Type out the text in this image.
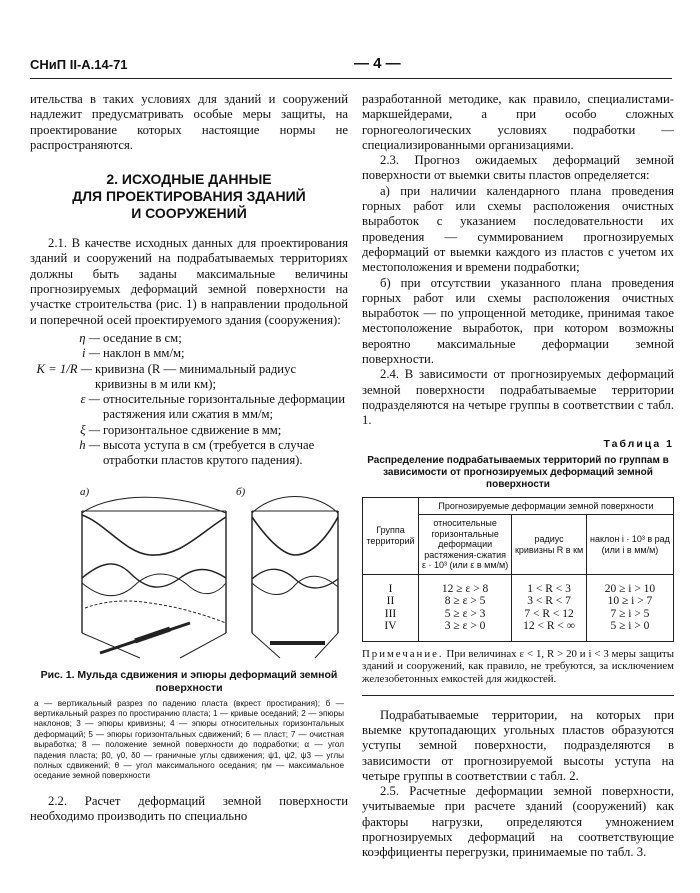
СНиП II-А.14-71	— 4 —

ительства в таких условиях для зданий и сооружений надлежит предусматривать особые меры защиты, на проектирование которых настоящие нормы не распространяются.

2. ИСХОДНЫЕ ДАННЫЕ
ДЛЯ ПРОЕКТИРОВАНИЯ ЗДАНИЙ
И СООРУЖЕНИЙ

2.1. В качестве исходных данных для проектирования зданий и сооружений на подрабатываемых территориях должны быть заданы максимальные величины прогнозируемых деформаций земной поверхности на участке строительства (рис. 1) в направлении продольной и поперечной осей проектируемого здания (сооружения):

η — оседание в см;
i — наклон в мм/м;
K = 1/R — кривизна (R — минимальный радиус кривизны в м или км);
ε — относительные горизонтальные деформации растяжения или сжатия в мм/м;
ξ — горизонтальное сдвижение в мм;
h — высота уступа в см (требуется в случае отработки пластов крутого падения).
а)	б)
Рис. 1. Мульда сдвижения и эпюры деформаций земной поверхности
а — вертикальный разрез по падению пласта (вкрест простирания); б — вертикальный разрез по простиранию пласта; 1 — кривые оседаний; 2 — эпюры наклонов; 3 — эпюры кривизны; 4 — эпюры относительных горизонтальных деформаций; 5 — эпюры горизонтальных сдвижений; 6 — пласт; 7 — очистная выработка; 8 — положение земной поверхности до подработки; α — угол падения пласта; β0, γ0, δ0 — граничные углы сдвижения; ψ1, ψ2, ψ3 — углы полных сдвижений; θ — угол максимального оседания; ηм — максимальное оседание земной поверхности

2.2. Расчет деформаций земной поверхности необходимо производить по специально

разработанной методике, как правило, специалистами-маркшейдерами, а при особо сложных горногеологических условиях подработки — специализированными организациями.

2.3. Прогноз ожидаемых деформаций земной поверхности от выемки свиты пластов определяется:

а) при наличии календарного плана проведения горных работ или схемы расположения очистных выработок с указанием последовательности их проведения — суммированием прогнозируемых деформаций от выемки каждого из пластов с учетом их местоположения и времени подработки;

б) при отсутствии указанного плана проведения горных работ или схемы расположения очистных выработок — по упрощенной методике, принимая такое местоположение выработок, при котором возможны вероятно максимальные деформации земной поверхности.

2.4. В зависимости от прогнозируемых деформаций земной поверхности подрабатываемые территории подразделяются на четыре группы в соответствии с табл. 1.

Таблица 1
Распределение подрабатываемых территорий по группам в зависимости от прогнозируемых деформаций земной поверхности
Группа территорий	Прогнозируемые деформации земной поверхности		
	относительные горизонтальные деформации растяжения-сжатия ε · 10³ (или ε в мм/м)	радиус кривизны R в км	наклон i · 10³ в рад (или i в мм/м)
I	12 ≥ ε > 8	1 < R < 3	20 ≥ i > 10
II	8 ≥ ε > 5	3 < R < 7	10 ≥ i > 7
III	5 ≥ ε > 3	7 < R < 12	7 ≥ i > 5
IV	3 ≥ ε > 0	12 < R < ∞	5 ≥ i > 0
Примечание. При величинах ε < 1, R > 20 и i < 3 меры защиты зданий и сооружений, как правило, не требуются, за исключением железобетонных емкостей для жидкостей.

Подрабатываемые территории, на которых при выемке крутопадающих угольных пластов образуются уступы земной поверхности, подразделяются в зависимости от прогнозируемой высоты уступа на четыре группы в соответствии с табл. 2.

2.5. Расчетные деформации земной поверхности, учитываемые при расчете зданий (сооружений) как факторы нагрузки, определяются умножением прогнозируемых деформаций на соответствующие коэффициенты перегрузки, принимаемые по табл. 3.
